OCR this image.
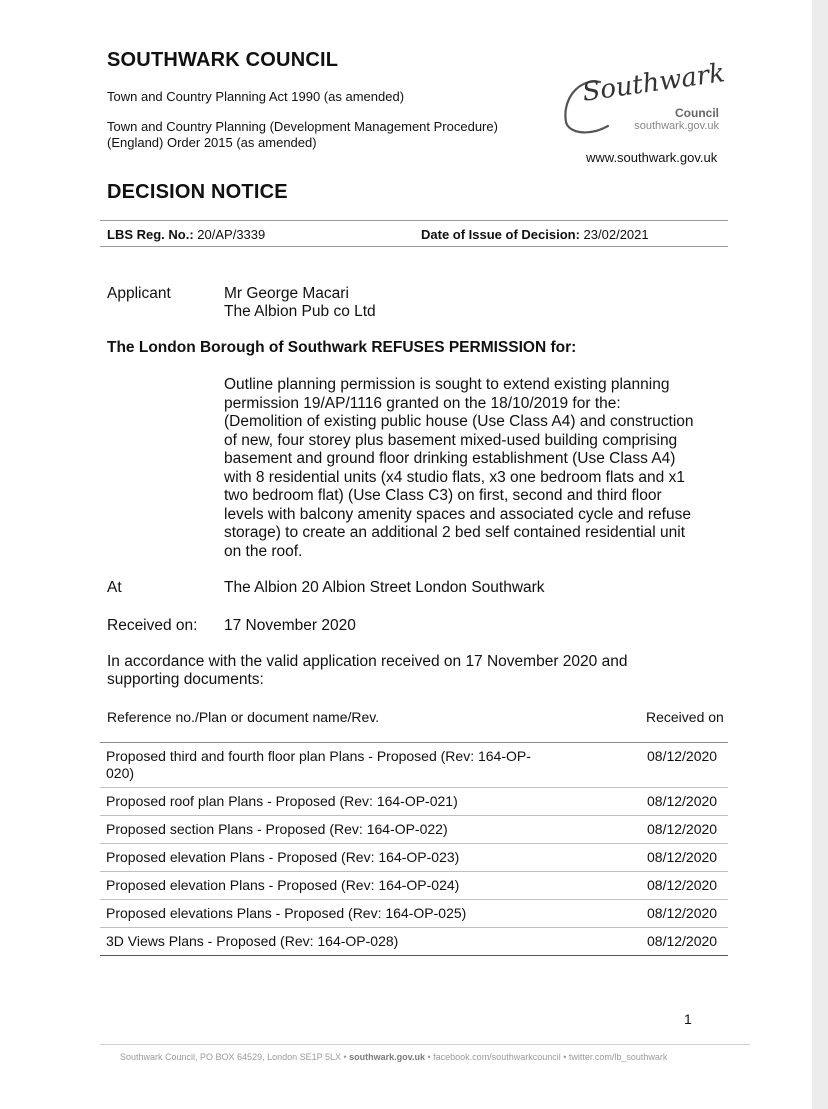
SOUTHWARK COUNCIL
Town and Country Planning Act 1990 (as amended)
Town and Country Planning (Development Management Procedure)
(England) Order 2015 (as amended)
Southwark
Council
southwark.gov.uk
www.southwark.gov.uk
DECISION NOTICE
LBS Reg. No.: 20/AP/3339	Date of Issue of Decision: 23/02/2021
Applicant	Mr George Macari
The Albion Pub co Ltd
The London Borough of Southwark REFUSES PERMISSION for:
Outline planning permission is sought to extend existing planning
permission 19/AP/1116 granted on the 18/10/2019 for the:
(Demolition of existing public house (Use Class A4) and construction
of new, four storey plus basement mixed-used building comprising
basement and ground floor drinking establishment (Use Class A4)
with 8 residential units (x4 studio flats, x3 one bedroom flats and x1
two bedroom flat) (Use Class C3) on first, second and third floor
levels with balcony amenity spaces and associated cycle and refuse
storage) to create an additional 2 bed self contained residential unit
on the roof.
At	The Albion 20 Albion Street London Southwark
Received on: 17 November 2020
In accordance with the valid application received on 17 November 2020 and
supporting documents:
Reference no./Plan or document name/Rev.	Received on
Proposed third and fourth floor plan Plans - Proposed (Rev: 164-OP-
020)
08/12/2020
Proposed roof plan Plans - Proposed (Rev: 164-OP-021)	08/12/2020
Proposed section Plans - Proposed (Rev: 164-OP-022)	08/12/2020
Proposed elevation Plans - Proposed (Rev: 164-OP-023)	08/12/2020
Proposed elevation Plans - Proposed (Rev: 164-OP-024)	08/12/2020
Proposed elevations Plans - Proposed (Rev: 164-OP-025)	08/12/2020
3D Views Plans - Proposed (Rev: 164-OP-028)	08/12/2020
1
Southwark Council, PO BOX 64529, London SE1P 5LX • southwark.gov.uk • facebook.com/southwarkcouncil • twitter.com/lb_southwark
